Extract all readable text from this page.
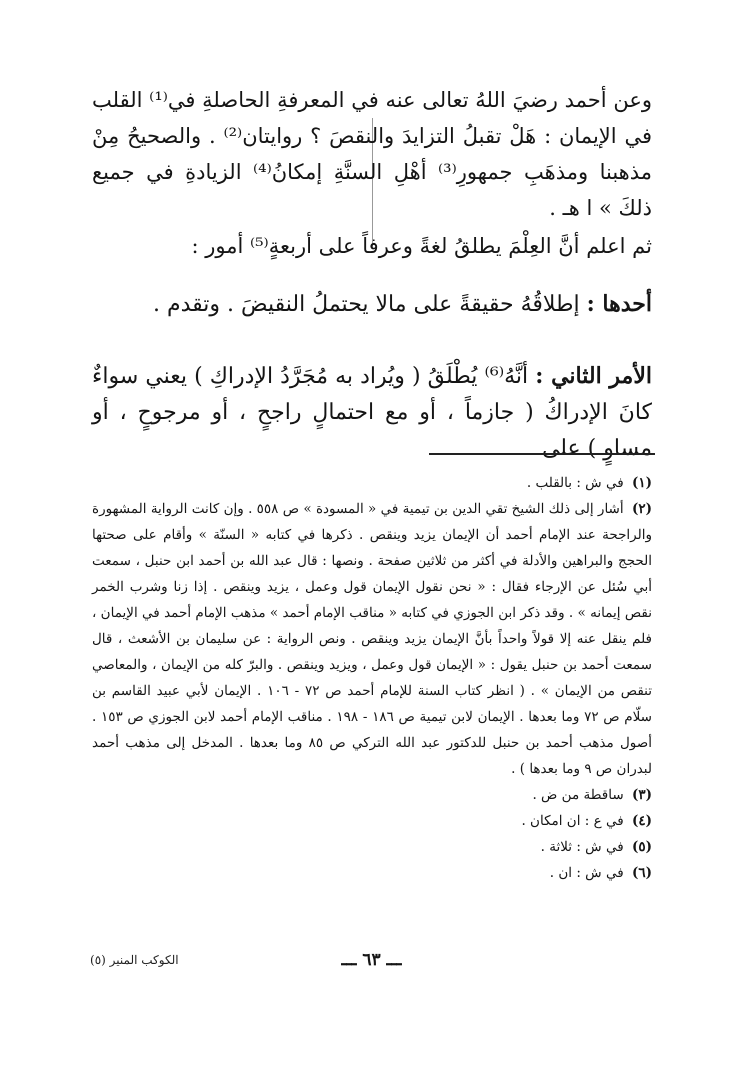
وعن أحمد رضيَ اللهُ تعالى عنه في المعرفةِ الحاصلةِ في⁽¹⁾ القلب في الإيمان : هَلْ تقبلُ التزايدَ والنقصَ ؟ روايتان⁽²⁾ . والصحيحُ مِنْ مذهبنا ومذهَبِ جمهورِ⁽³⁾ أهْلِ السنَّةِ إمكانُ⁽⁴⁾ الزيادةِ في جميع ذلكَ » ا هـ .

ثم اعلم أنَّ العِلْمَ يطلقُ لغةً وعرفاً على أربعةٍ⁽⁵⁾ أمور :

أحدها : إطلاقُهُ حقيقةً على مالا يحتملُ النقيضَ . وتقدم .

الأمر الثاني : أنَّهُ⁽⁶⁾ يُطْلَقُ ( ويُراد به مُجَرَّدُ الإدراكِ ) يعني سواءٌ كانَ الإدراكُ ( جازماً ، أو مع احتمالٍ راجحٍ ، أو مرجوحٍ ، أو مساوٍ ) على

(١) في ش : بالقلب .

(٢) أشار إلى ذلك الشيخ تقي الدين بن تيمية في « المسودة » ص ٥٥٨ . وإن كانت الرواية المشهورة والراجحة عند الإمام أحمد أن الإيمان يزيد وينقص . ذكرها في كتابه « السنّة » وأقام على صحتها الحجج والبراهين والأدلة في أكثر من ثلاثين صفحة . ونصها : قال عبد الله بن أحمد ابن حنبل ، سمعت أبي سُئل عن الإرجاء فقال : « نحن نقول الإيمان قول وعمل ، يزيد وينقص . إذا زنا وشرب الخمر نقص إيمانه » . وقد ذكر ابن الجوزي في كتابه « مناقب الإمام أحمد » مذهب الإمام أحمد في الإيمان ، فلم ينقل عنه إلا قولاً واحداً بأنَّ الإيمان يزيد وينقص . ونص الرواية : عن سليمان بن الأشعث ، قال سمعت أحمد بن حنبل يقول : « الإيمان قول وعمل ، ويزيد وينقص . والبرّ كله من الإيمان ، والمعاصي تنقص من الإيمان » . ( انظر كتاب السنة للإمام أحمد ص ٧٢ - ١٠٦ . الإيمان لأبي عبيد القاسم بن سلّام ص ٧٢ وما بعدها . الإيمان لابن تيمية ص ١٨٦ - ١٩٨ . مناقب الإمام أحمد لابن الجوزي ص ١٥٣ . أصول مذهب أحمد بن حنبل للدكتور عبد الله التركي ص ٨٥ وما بعدها . المدخل إلى مذهب أحمد لبدران ص ٩ وما بعدها ) .

(٣) ساقطة من ض .

(٤) في ع : ان امكان .

(٥) في ش : ثلاثة .

(٦) في ش : ان .

ـــ ٦٣ ـــ
الكوكب المنير (٥)
